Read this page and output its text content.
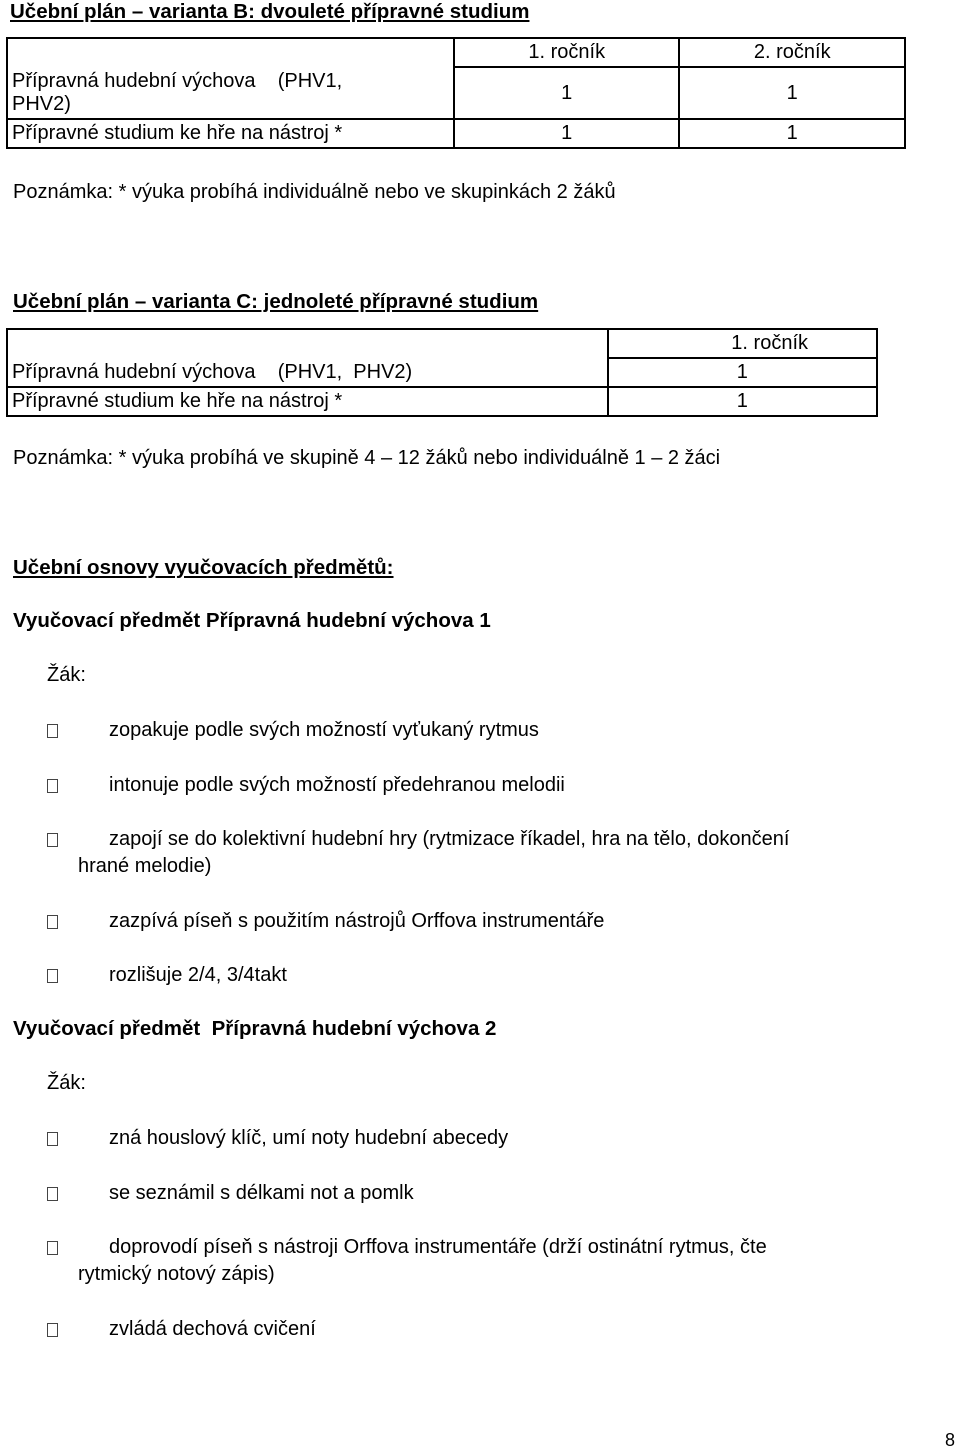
Učební plán – varianta B: dvouleté přípravné studium
	1. ročník	2. ročník

Přípravná hudební výchova    (PHV1,
PHV2)	1	1
Přípravné studium ke hře na nástroj *	1	1
Poznámka: * výuka probíhá individuálně nebo ve skupinkách 2 žáků
Učební plán – varianta C: jednoleté přípravné studium
	1. ročník
Přípravná hudební výchova    (PHV1,  PHV2)	1
Přípravné studium ke hře na nástroj *	1
Poznámka: * výuka probíhá ve skupině 4 – 12 žáků nebo individuálně 1 – 2 žáci
Učební osnovy vyučovacích předmětů:
Vyučovací předmět Přípravná hudební výchova 1
Žák:
zopakuje podle svých možností vyťukaný rytmus
intonuje podle svých možností předehranou melodii
zapojí se do kolektivní hudební hry (rytmizace říkadel, hra na tělo, dokončení
hrané melodie)
zazpívá píseň s použitím nástrojů Orffova instrumentáře
rozlišuje 2/4, 3/4takt
Vyučovací předmět  Přípravná hudební výchova 2
Žák:
zná houslový klíč, umí noty hudební abecedy
se seznámil s délkami not a pomlk
doprovodí píseň s nástroji Orffova instrumentáře (drží ostinátní rytmus, čte
rytmický notový zápis)
zvládá dechová cvičení
8
